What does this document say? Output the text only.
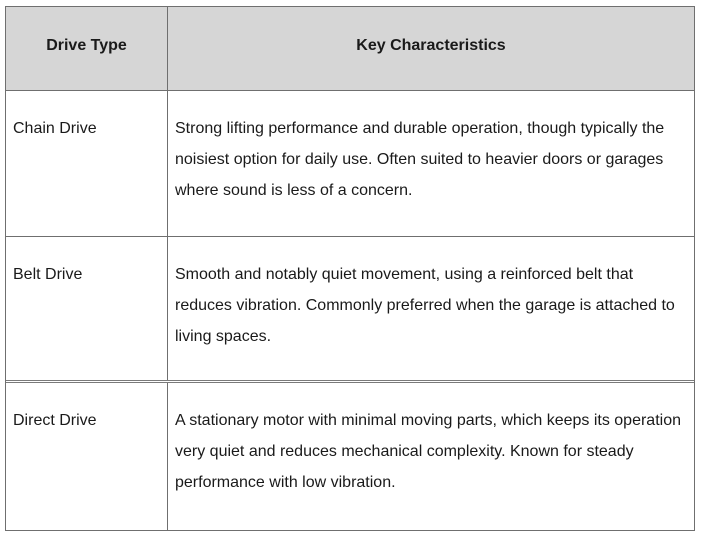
Drive Type	Key Characteristics
Chain Drive	Strong lifting performance and durable operation, though typically the noisiest option for daily use. Often suited to heavier doors or garages where sound is less of a concern.
Belt Drive	Smooth and notably quiet movement, using a reinforced belt that reduces vibration. Commonly preferred when the garage is attached to living spaces.
Direct Drive	A stationary motor with minimal moving parts, which keeps its operation very quiet and reduces mechanical complexity. Known for steady performance with low vibration.
